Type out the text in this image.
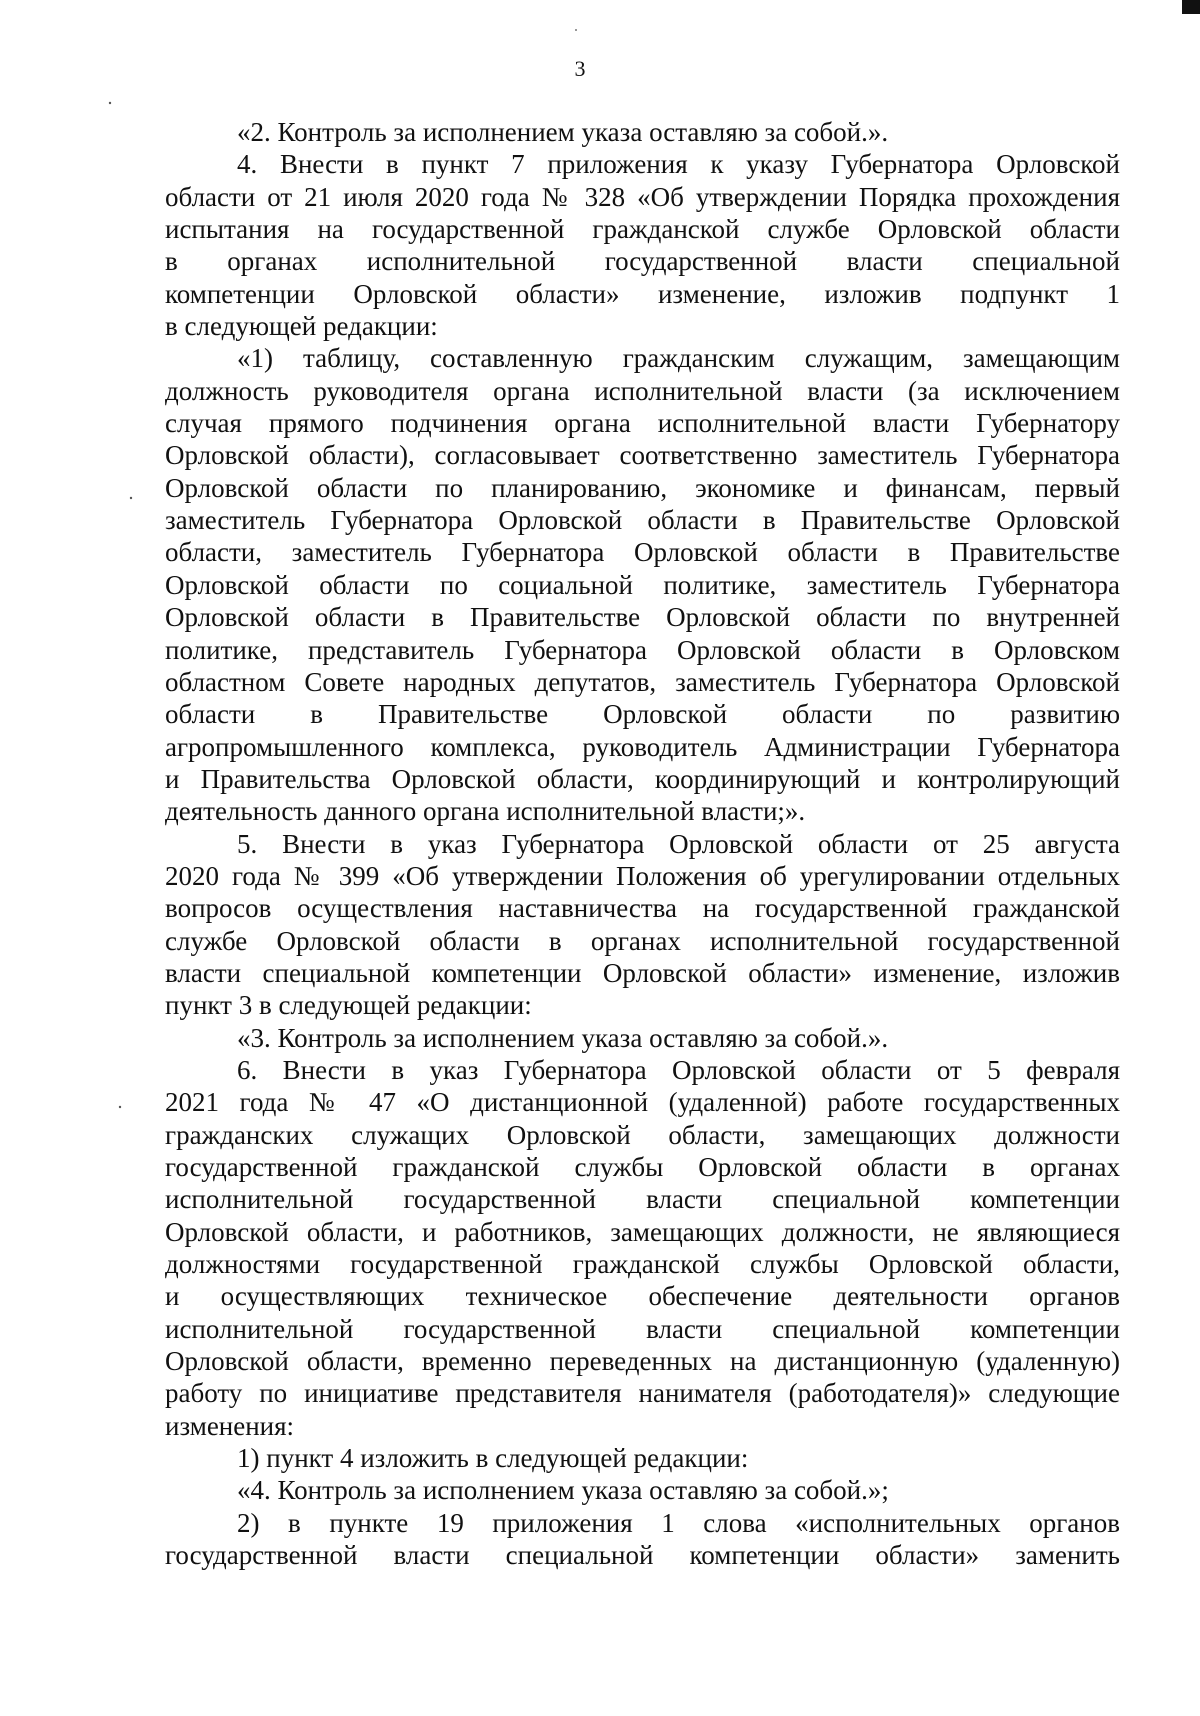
3
«2. Контроль за исполнением указа оставляю за собой.».
4. Внести в пункт 7 приложения к указу Губернатора Орловской
области от 21 июля 2020 года № 328 «Об утверждении Порядка прохождения
испытания на государственной гражданской службе Орловской области
в органах исполнительной государственной власти специальной
компетенции Орловской области» изменение, изложив подпункт 1
в следующей редакции:
«1) таблицу, составленную гражданским служащим, замещающим
должность руководителя органа исполнительной власти (за исключением
случая прямого подчинения органа исполнительной власти Губернатору
Орловской области), согласовывает соответственно заместитель Губернатора
Орловской области по планированию, экономике и финансам, первый
заместитель Губернатора Орловской области в Правительстве Орловской
области, заместитель Губернатора Орловской области в Правительстве
Орловской области по социальной политике, заместитель Губернатора
Орловской области в Правительстве Орловской области по внутренней
политике, представитель Губернатора Орловской области в Орловском
областном Совете народных депутатов, заместитель Губернатора Орловской
области в Правительстве Орловской области по развитию
агропромышленного комплекса, руководитель Администрации Губернатора
и Правительства Орловской области, координирующий и контролирующий
деятельность данного органа исполнительной власти;».
5. Внести в указ Губернатора Орловской области от 25 августа
2020 года № 399 «Об утверждении Положения об урегулировании отдельных
вопросов осуществления наставничества на государственной гражданской
службе Орловской области в органах исполнительной государственной
власти специальной компетенции Орловской области» изменение, изложив
пункт 3 в следующей редакции:
«3. Контроль за исполнением указа оставляю за собой.».
6. Внести в указ Губернатора Орловской области от 5 февраля
2021 года № 47 «О дистанционной (удаленной) работе государственных
гражданских служащих Орловской области, замещающих должности
государственной гражданской службы Орловской области в органах
исполнительной государственной власти специальной компетенции
Орловской области, и работников, замещающих должности, не являющиеся
должностями государственной гражданской службы Орловской области,
и осуществляющих техническое обеспечение деятельности органов
исполнительной государственной власти специальной компетенции
Орловской области, временно переведенных на дистанционную (удаленную)
работу по инициативе представителя нанимателя (работодателя)» следующие
изменения:
1) пункт 4 изложить в следующей редакции:
«4. Контроль за исполнением указа оставляю за собой.»;
2) в пункте 19 приложения 1 слова «исполнительных органов
государственной власти специальной компетенции области» заменить
